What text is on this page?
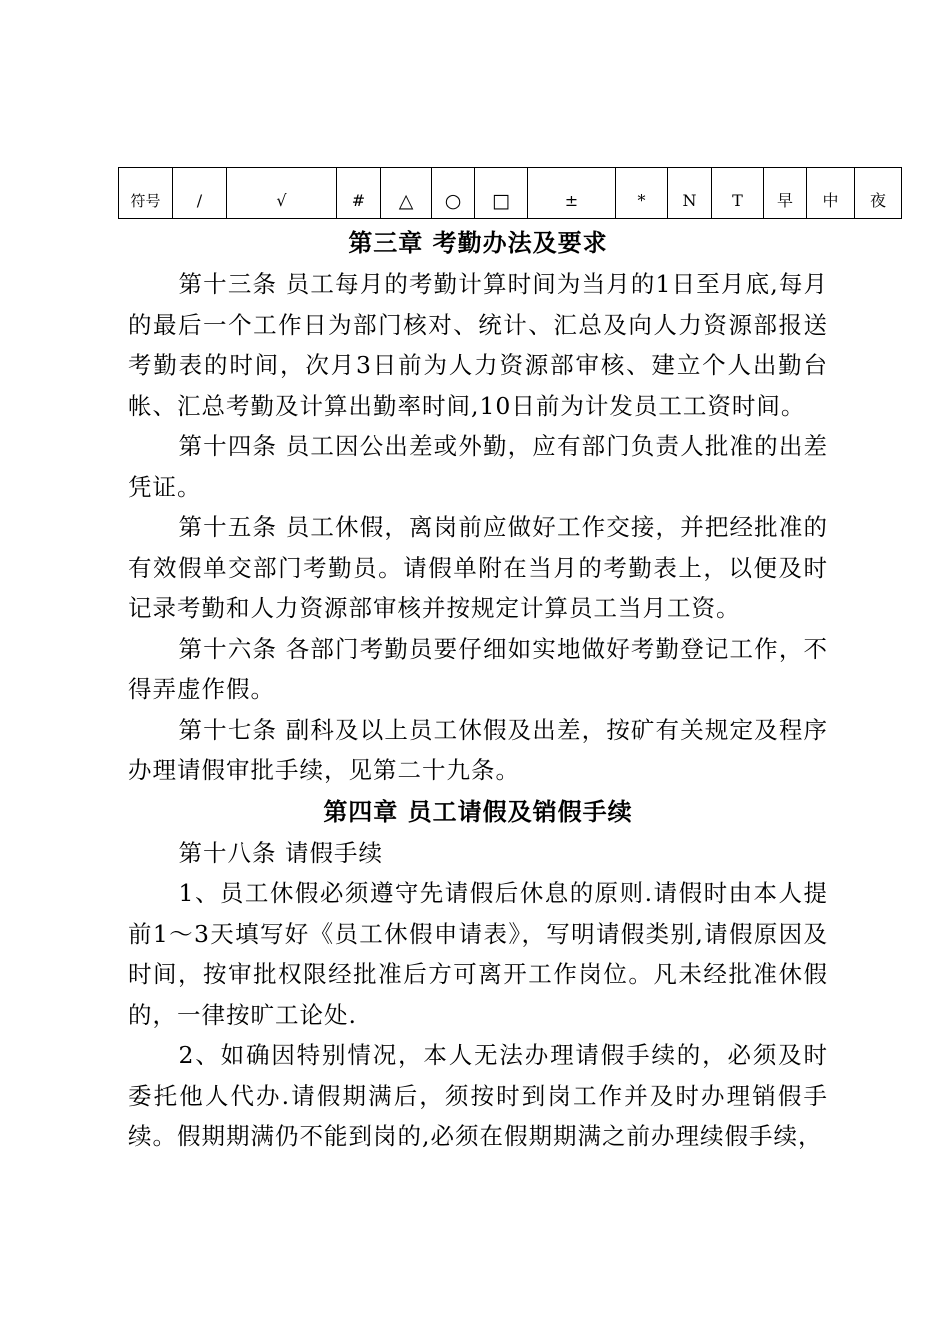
符号	/	√	#	△	○	□	±	*	N	T	早	中	夜
第三章 考勤办法及要求

第十三条 员工每月的考勤计算时间为当月的1日至月底,每月的最后一个工作日为部门核对、统计、汇总及向人力资源部报送考勤表的时间，次月3日前为人力资源部审核、建立个人出勤台帐、汇总考勤及计算出勤率时间,10日前为计发员工工资时间。

第十四条 员工因公出差或外勤，应有部门负责人批准的出差凭证。

第十五条 员工休假，离岗前应做好工作交接，并把经批准的有效假单交部门考勤员。请假单附在当月的考勤表上，以便及时记录考勤和人力资源部审核并按规定计算员工当月工资。

第十六条 各部门考勤员要仔细如实地做好考勤登记工作，不得弄虚作假。

第十七条 副科及以上员工休假及出差，按矿有关规定及程序办理请假审批手续，见第二十九条。

第四章 员工请假及销假手续

第十八条 请假手续

1、员工休假必须遵守先请假后休息的原则.请假时由本人提前1～3天填写好《员工休假申请表》，写明请假类别,请假原因及时间，按审批权限经批准后方可离开工作岗位。凡未经批准休假的，一律按旷工论处.

2、如确因特别情况，本人无法办理请假手续的，必须及时委托他人代办.请假期满后，须按时到岗工作并及时办理销假手续。假期期满仍不能到岗的,必须在假期期满之前办理续假手续，
